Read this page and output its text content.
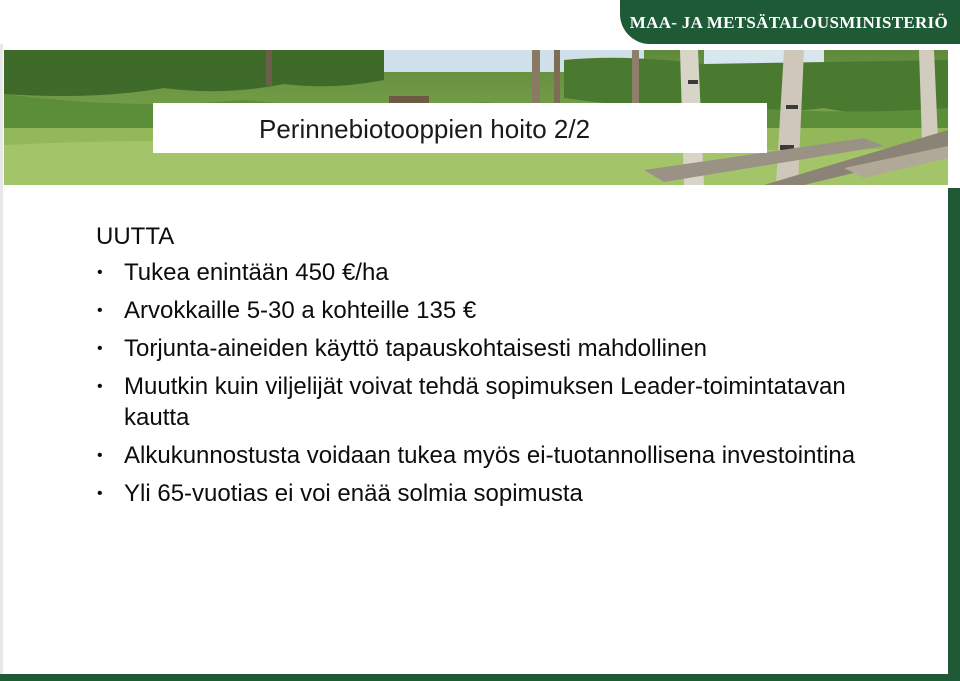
MAA- JA METSÄTALOUSMINISTERIÖ
Perinnebiotooppien hoito 2/2
UUTTA
• Tukea enintään 450 €/ha
• Arvokkaille 5-30 a kohteille 135 €
• Torjunta-aineiden käyttö tapauskohtaisesti mahdollinen
• Muutkin kuin viljelijät voivat tehdä sopimuksen Leader-toimintatavan kautta
• Alkukunnostusta voidaan tukea myös ei-tuotannollisena investointina
• Yli 65-vuotias ei voi enää solmia sopimusta
